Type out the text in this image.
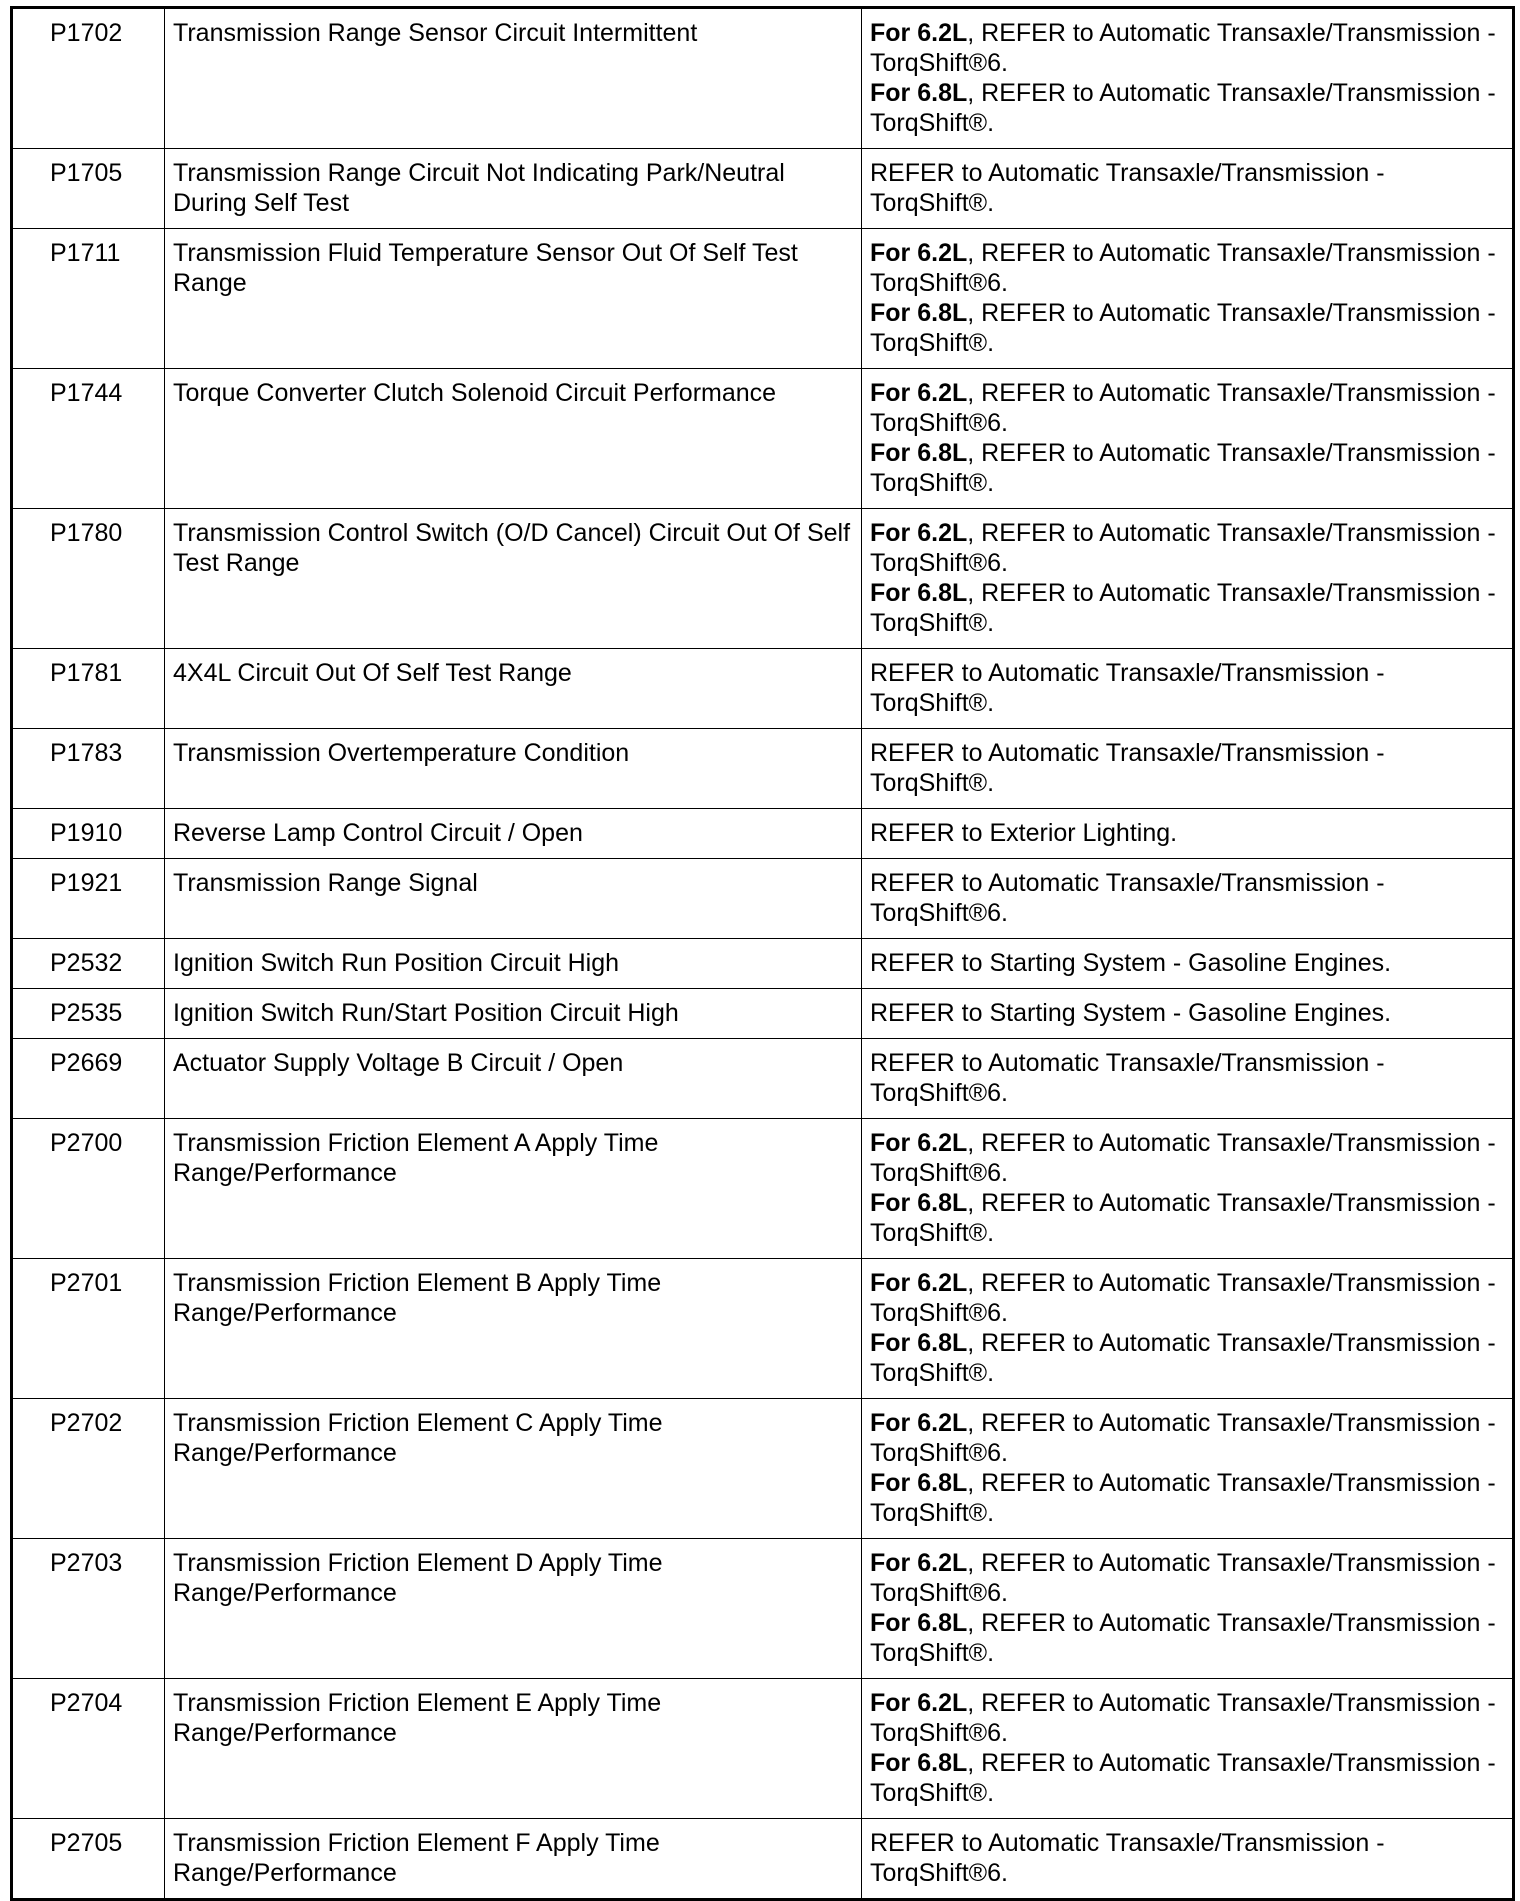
P1702	Transmission Range Sensor Circuit Intermittent	For 6.2L, REFER to Automatic Transaxle/Transmission - TorqShift®6.
For 6.8L, REFER to Automatic Transaxle/Transmission - TorqShift®.

P1705	Transmission Range Circuit Not Indicating Park/Neutral During Self Test	REFER to Automatic Transaxle/Transmission - TorqShift®.

P1711	Transmission Fluid Temperature Sensor Out Of Self Test Range	For 6.2L, REFER to Automatic Transaxle/Transmission - TorqShift®6.
For 6.8L, REFER to Automatic Transaxle/Transmission - TorqShift®.

P1744	Torque Converter Clutch Solenoid Circuit Performance	For 6.2L, REFER to Automatic Transaxle/Transmission - TorqShift®6.
For 6.8L, REFER to Automatic Transaxle/Transmission - TorqShift®.

P1780	Transmission Control Switch (O/D Cancel) Circuit Out Of Self Test Range	For 6.2L, REFER to Automatic Transaxle/Transmission - TorqShift®6.
For 6.8L, REFER to Automatic Transaxle/Transmission - TorqShift®.

P1781	4X4L Circuit Out Of Self Test Range	REFER to Automatic Transaxle/Transmission - TorqShift®.

P1783	Transmission Overtemperature Condition	REFER to Automatic Transaxle/Transmission - TorqShift®.

P1910	Reverse Lamp Control Circuit / Open	REFER to Exterior Lighting.

P1921	Transmission Range Signal	REFER to Automatic Transaxle/Transmission - TorqShift®6.

P2532	Ignition Switch Run Position Circuit High	REFER to Starting System - Gasoline Engines.

P2535	Ignition Switch Run/Start Position Circuit High	REFER to Starting System - Gasoline Engines.

P2669	Actuator Supply Voltage B Circuit / Open	REFER to Automatic Transaxle/Transmission - TorqShift®6.

P2700	Transmission Friction Element A Apply Time Range/Performance	For 6.2L, REFER to Automatic Transaxle/Transmission - TorqShift®6.
For 6.8L, REFER to Automatic Transaxle/Transmission - TorqShift®.

P2701	Transmission Friction Element B Apply Time Range/Performance	For 6.2L, REFER to Automatic Transaxle/Transmission - TorqShift®6.
For 6.8L, REFER to Automatic Transaxle/Transmission - TorqShift®.

P2702	Transmission Friction Element C Apply Time Range/Performance	For 6.2L, REFER to Automatic Transaxle/Transmission - TorqShift®6.
For 6.8L, REFER to Automatic Transaxle/Transmission - TorqShift®.

P2703	Transmission Friction Element D Apply Time Range/Performance	For 6.2L, REFER to Automatic Transaxle/Transmission - TorqShift®6.
For 6.8L, REFER to Automatic Transaxle/Transmission - TorqShift®.

P2704	Transmission Friction Element E Apply Time Range/Performance	For 6.2L, REFER to Automatic Transaxle/Transmission - TorqShift®6.
For 6.8L, REFER to Automatic Transaxle/Transmission - TorqShift®.

P2705	Transmission Friction Element F Apply Time Range/Performance	REFER to Automatic Transaxle/Transmission - TorqShift®6.
